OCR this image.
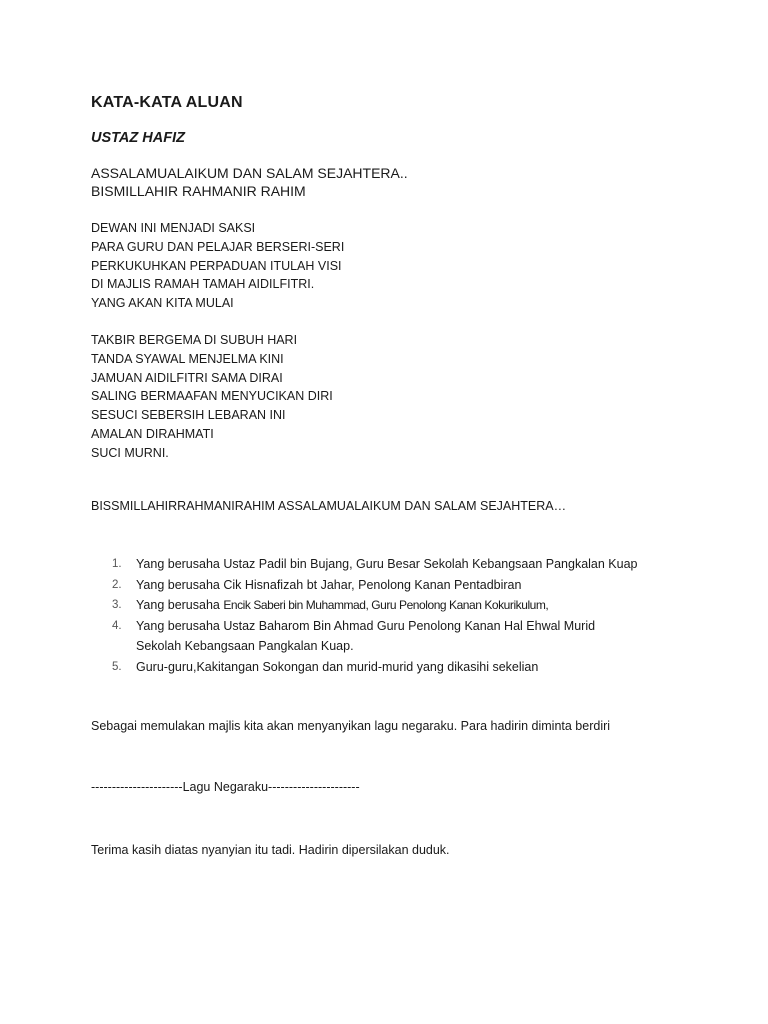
KATA-KATA ALUAN
USTAZ HAFIZ
ASSALAMUALAIKUM DAN SALAM SEJAHTERA..
BISMILLAHIR RAHMANIR RAHIM
DEWAN INI MENJADI SAKSI
PARA GURU DAN PELAJAR BERSERI-SERI
PERKUKUHKAN PERPADUAN ITULAH VISI
DI MAJLIS RAMAH TAMAH AIDILFITRI.
YANG AKAN KITA MULAI
TAKBIR BERGEMA DI SUBUH HARI
TANDA SYAWAL MENJELMA KINI
JAMUAN AIDILFITRI SAMA DIRAI
SALING BERMAAFAN MENYUCIKAN DIRI
SESUCI SEBERSIH LEBARAN INI
AMALAN DIRAHMATI
SUCI MURNI.

BISSMILLAHIRRAHMANIRAHIM ASSALAMUALAIKUM DAN SALAM SEJAHTERA…

1. Yang berusaha Ustaz Padil bin Bujang, Guru Besar Sekolah Kebangsaan Pangkalan Kuap
2. Yang berusaha Cik Hisnafizah bt Jahar, Penolong Kanan Pentadbiran
3. Yang berusaha Encik Saberi bin Muhammad, Guru Penolong Kanan Kokurikulum,
4. Yang berusaha Ustaz Baharom Bin Ahmad Guru Penolong Kanan Hal Ehwal Murid
Sekolah Kebangsaan Pangkalan Kuap.
5. Guru-guru,Kakitangan Sokongan dan murid-murid yang dikasihi sekelian

Sebagai memulakan majlis kita akan menyanyikan lagu negaraku. Para hadirin diminta berdiri

----------------------Lagu Negaraku----------------------

Terima kasih diatas nyanyian itu tadi. Hadirin dipersilakan duduk.
